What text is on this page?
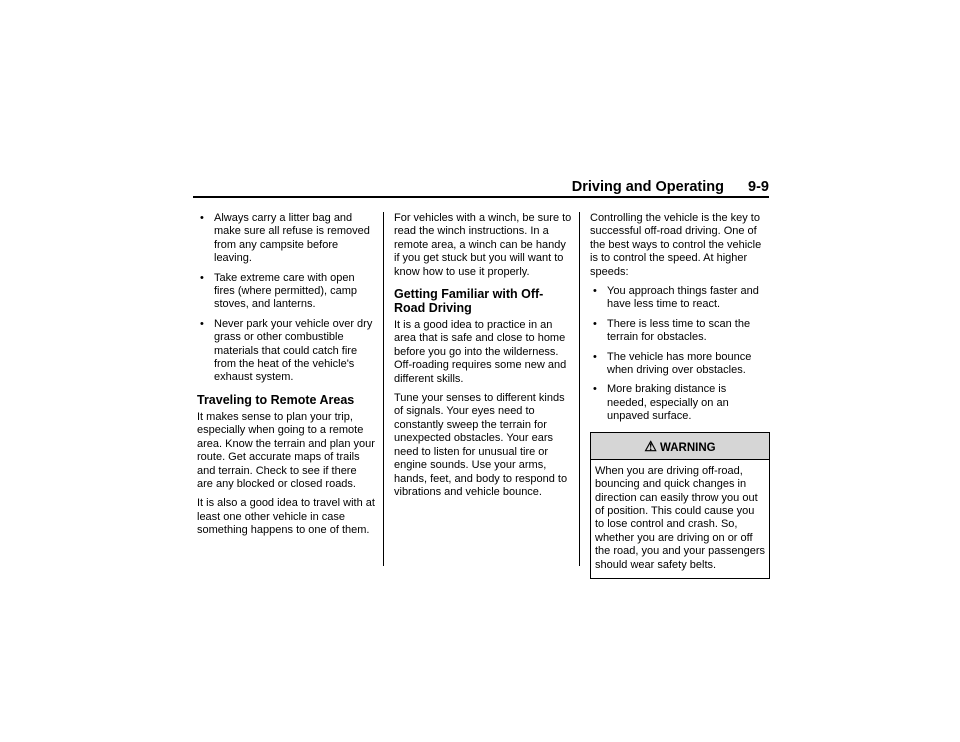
Driving and Operating 9-9
• Always carry a litter bag and make sure all refuse is removed from any campsite before leaving.
• Take extreme care with open fires (where permitted), camp stoves, and lanterns.
• Never park your vehicle over dry grass or other combustible materials that could catch fire from the heat of the vehicle's exhaust system.
Traveling to Remote Areas

It makes sense to plan your trip, especially when going to a remote area. Know the terrain and plan your route. Get accurate maps of trails and terrain. Check to see if there are any blocked or closed roads.

It is also a good idea to travel with at least one other vehicle in case something happens to one of them.

For vehicles with a winch, be sure to read the winch instructions. In a remote area, a winch can be handy if you get stuck but you will want to know how to use it properly.

Getting Familiar with Off-Road Driving

It is a good idea to practice in an area that is safe and close to home before you go into the wilderness. Off-roading requires some new and different skills.

Tune your senses to different kinds of signals. Your eyes need to constantly sweep the terrain for unexpected obstacles. Your ears need to listen for unusual tire or engine sounds. Use your arms, hands, feet, and body to respond to vibrations and vehicle bounce.

Controlling the vehicle is the key to successful off-road driving. One of the best ways to control the vehicle is to control the speed. At higher speeds:

• You approach things faster and have less time to react.
• There is less time to scan the terrain for obstacles.
• The vehicle has more bounce when driving over obstacles.
• More braking distance is needed, especially on an unpaved surface.
⚠ WARNING
When you are driving off-road, bouncing and quick changes in direction can easily throw you out of position. This could cause you to lose control and crash. So, whether you are driving on or off the road, you and your passengers should wear safety belts.
